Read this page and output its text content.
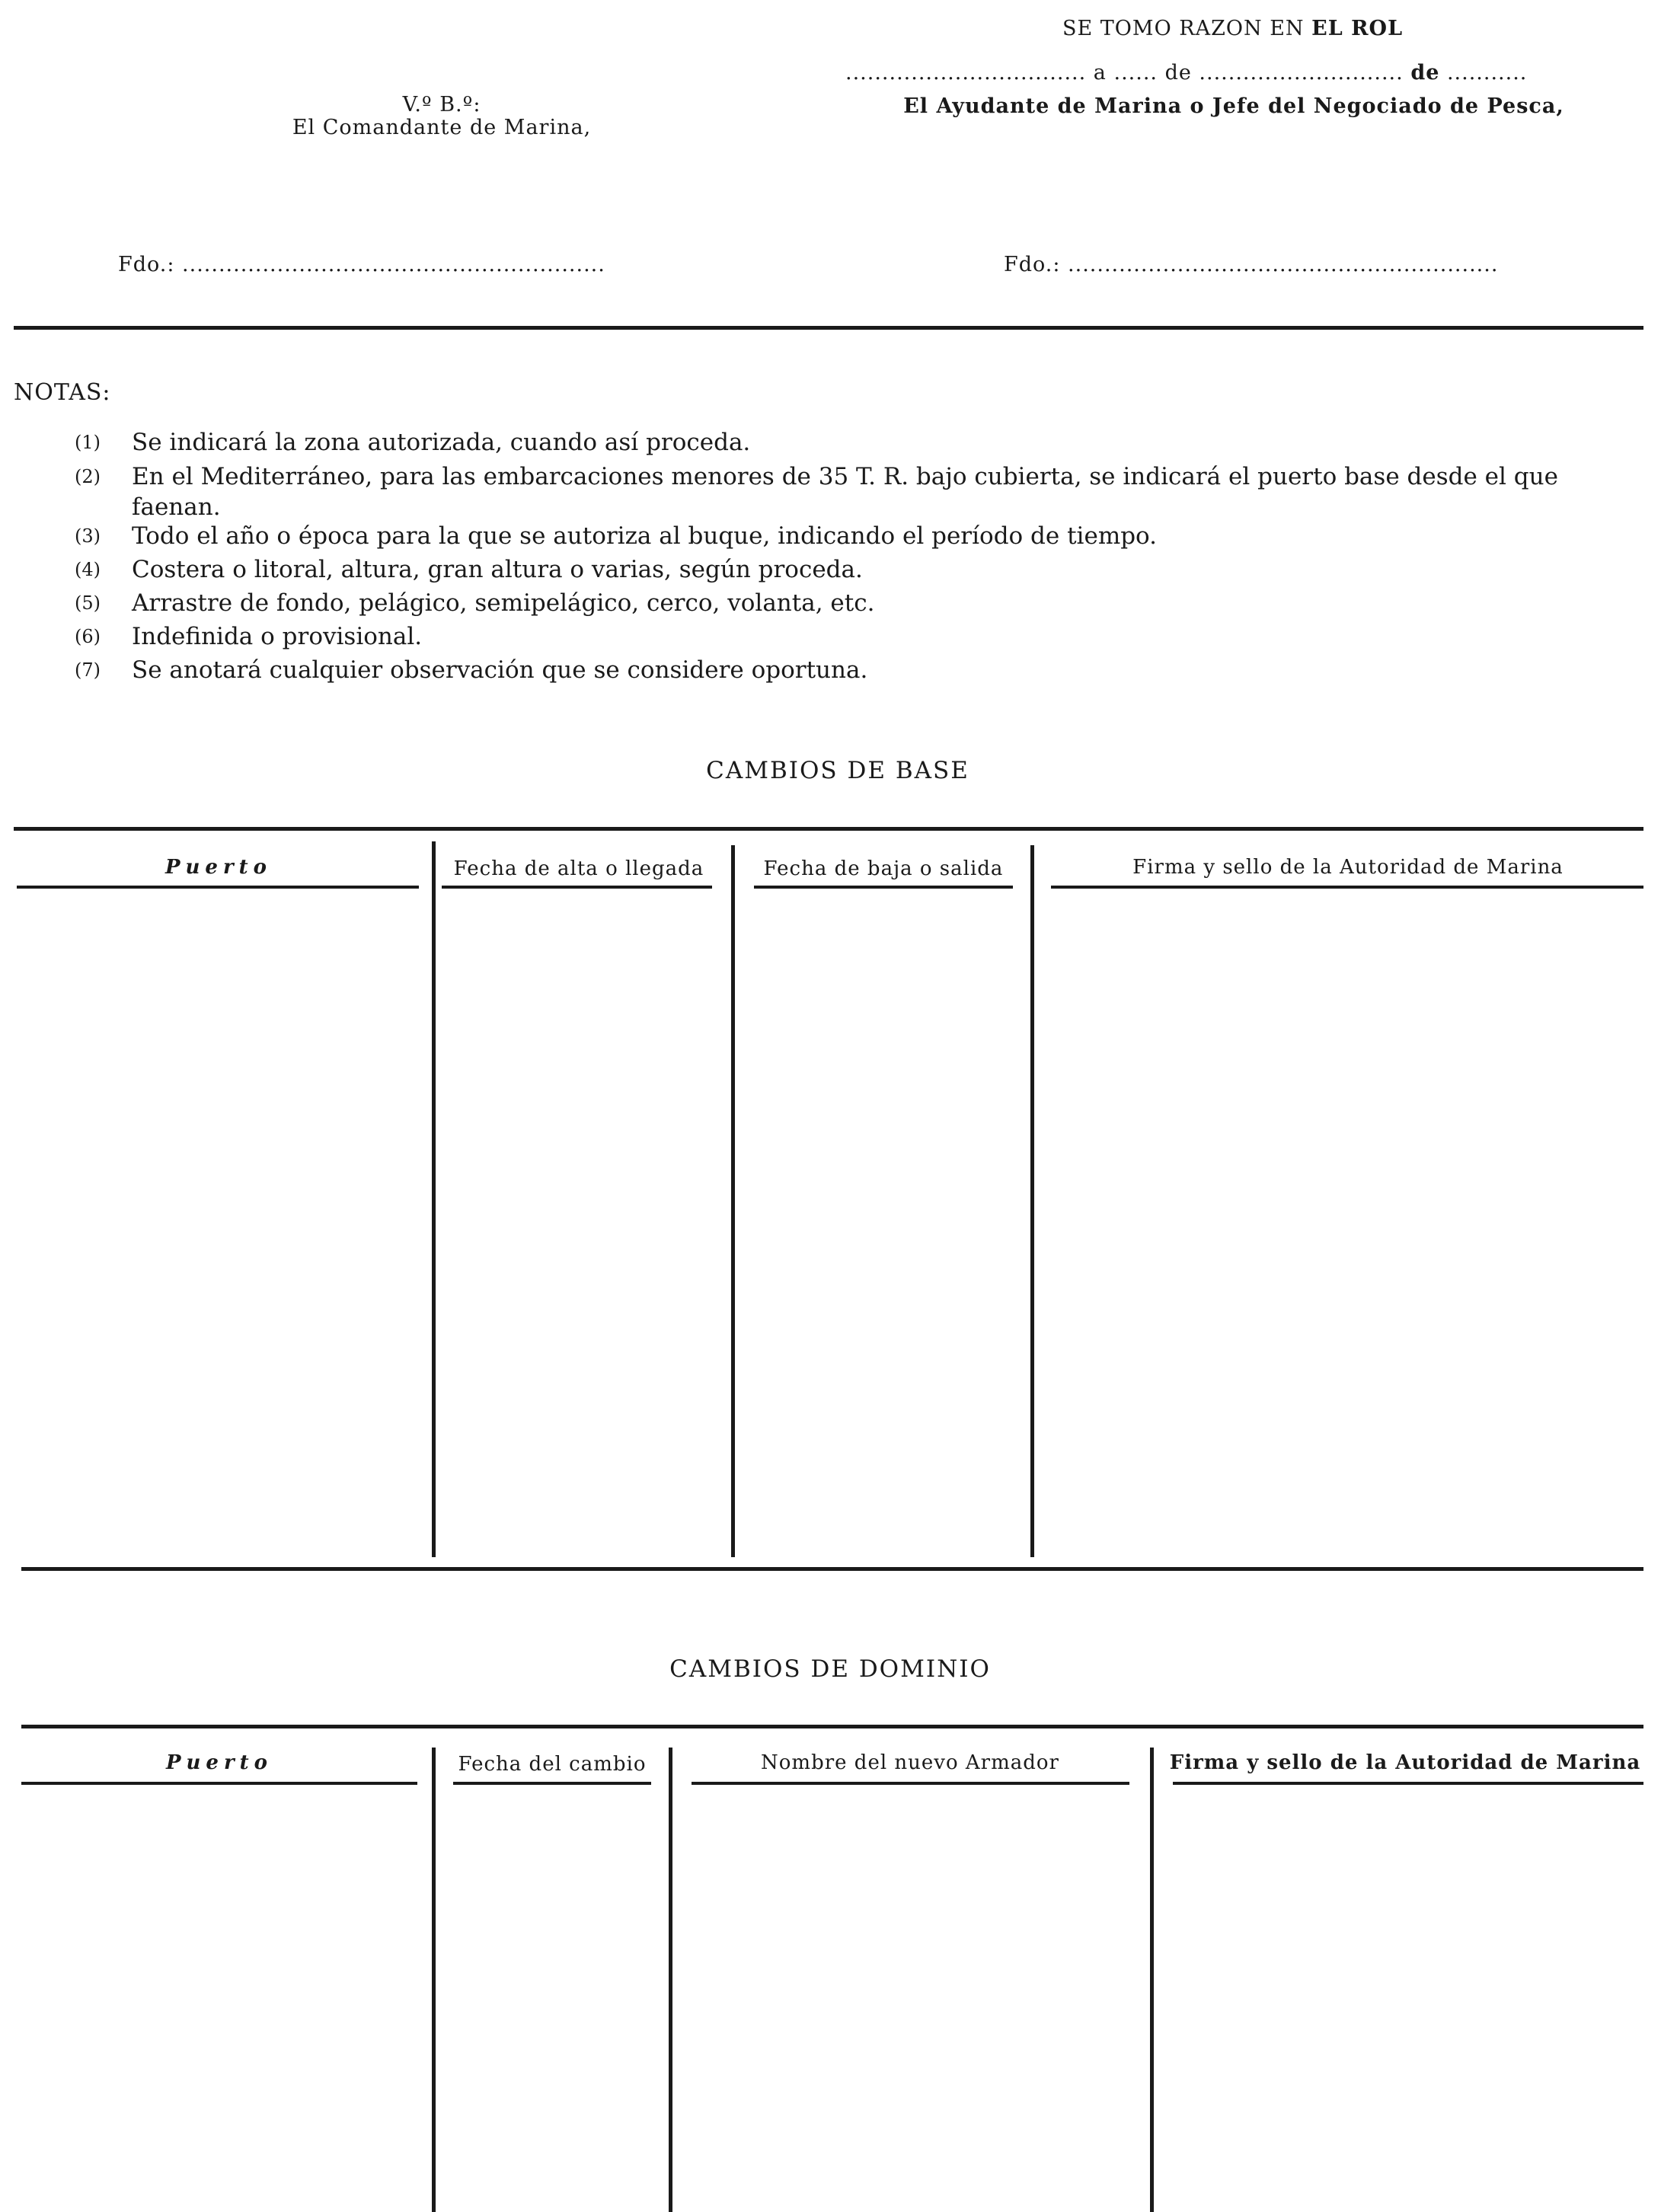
SE TOMO RAZON EN EL ROL
................................. a ...... de ............................ de ...........
El Ayudante de Marina o Jefe del Negociado de Pesca,
V.º B.º:
El Comandante de Marina,
Fdo.: ..........................................................	Fdo.: ...........................................................
NOTAS:
(1)	Se indicará la zona autorizada, cuando así proceda.
(2)	En el Mediterráneo, para las embarcaciones menores de 35 T. R. bajo cubierta, se indicará el puerto base desde el que faenan.
(3)	Todo el año o época para la que se autoriza al buque, indicando el período de tiempo.
(4)	Costera o litoral, altura, gran altura o varias, según proceda.
(5)	Arrastre de fondo, pelágico, semipelágico, cerco, volanta, etc.
(6)	Indefinida o provisional.
(7)	Se anotará cualquier observación que se considere oportuna.
CAMBIOS DE BASE
Puerto	Fecha de alta o llegada	Fecha de baja o salida	Firma y sello de la Autoridad de Marina
CAMBIOS DE DOMINIO
Puerto	Fecha del cambio	Nombre del nuevo Armador	Firma y sello de la Autoridad de Marina
